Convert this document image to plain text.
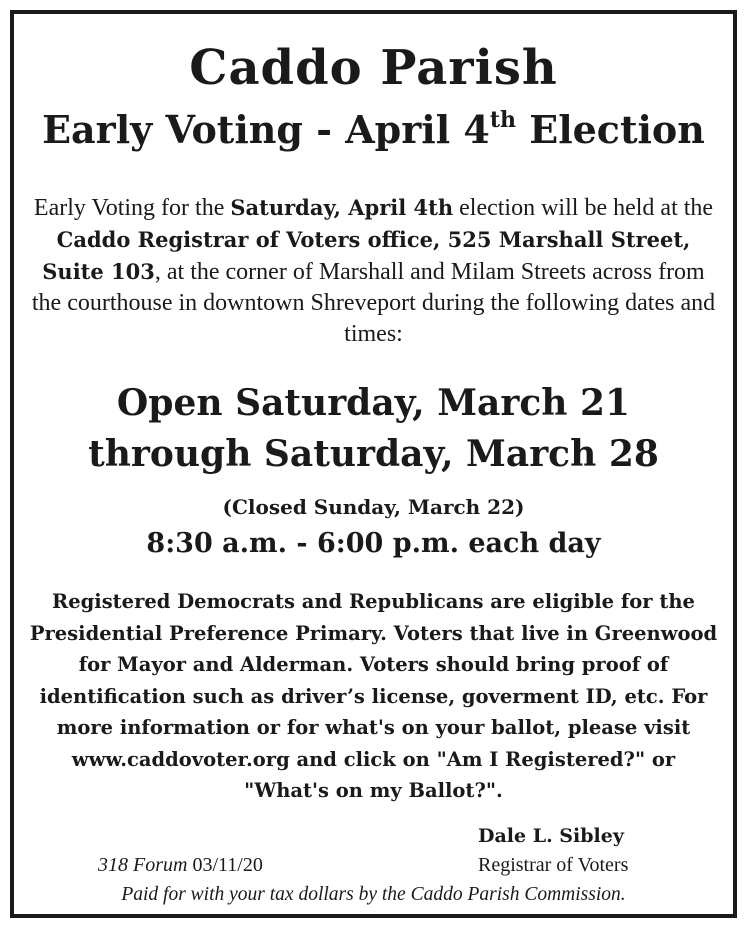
Caddo Parish
Early Voting - April 4th Election
Early Voting for the Saturday, April 4th election will be held at the Caddo Registrar of Voters office, 525 Marshall Street, Suite 103, at the corner of Marshall and Milam Streets across from the courthouse in downtown Shreveport during the following dates and times:
Open Saturday, March 21
through Saturday, March 28
(Closed Sunday, March 22)
8:30 a.m. - 6:00 p.m. each day
Registered Democrats and Republicans are eligible for the Presidential Preference Primary. Voters that live in Greenwood for Mayor and Alderman. Voters should bring proof of identification such as driver’s license, goverment ID, etc. For more information or for what's on your ballot, please visit www.caddovoter.org and click on "Am I Registered?" or "What's on my Ballot?".
Dale L. Sibley
318 Forum 03/11/20	Registrar of Voters
Paid for with your tax dollars by the Caddo Parish Commission.
